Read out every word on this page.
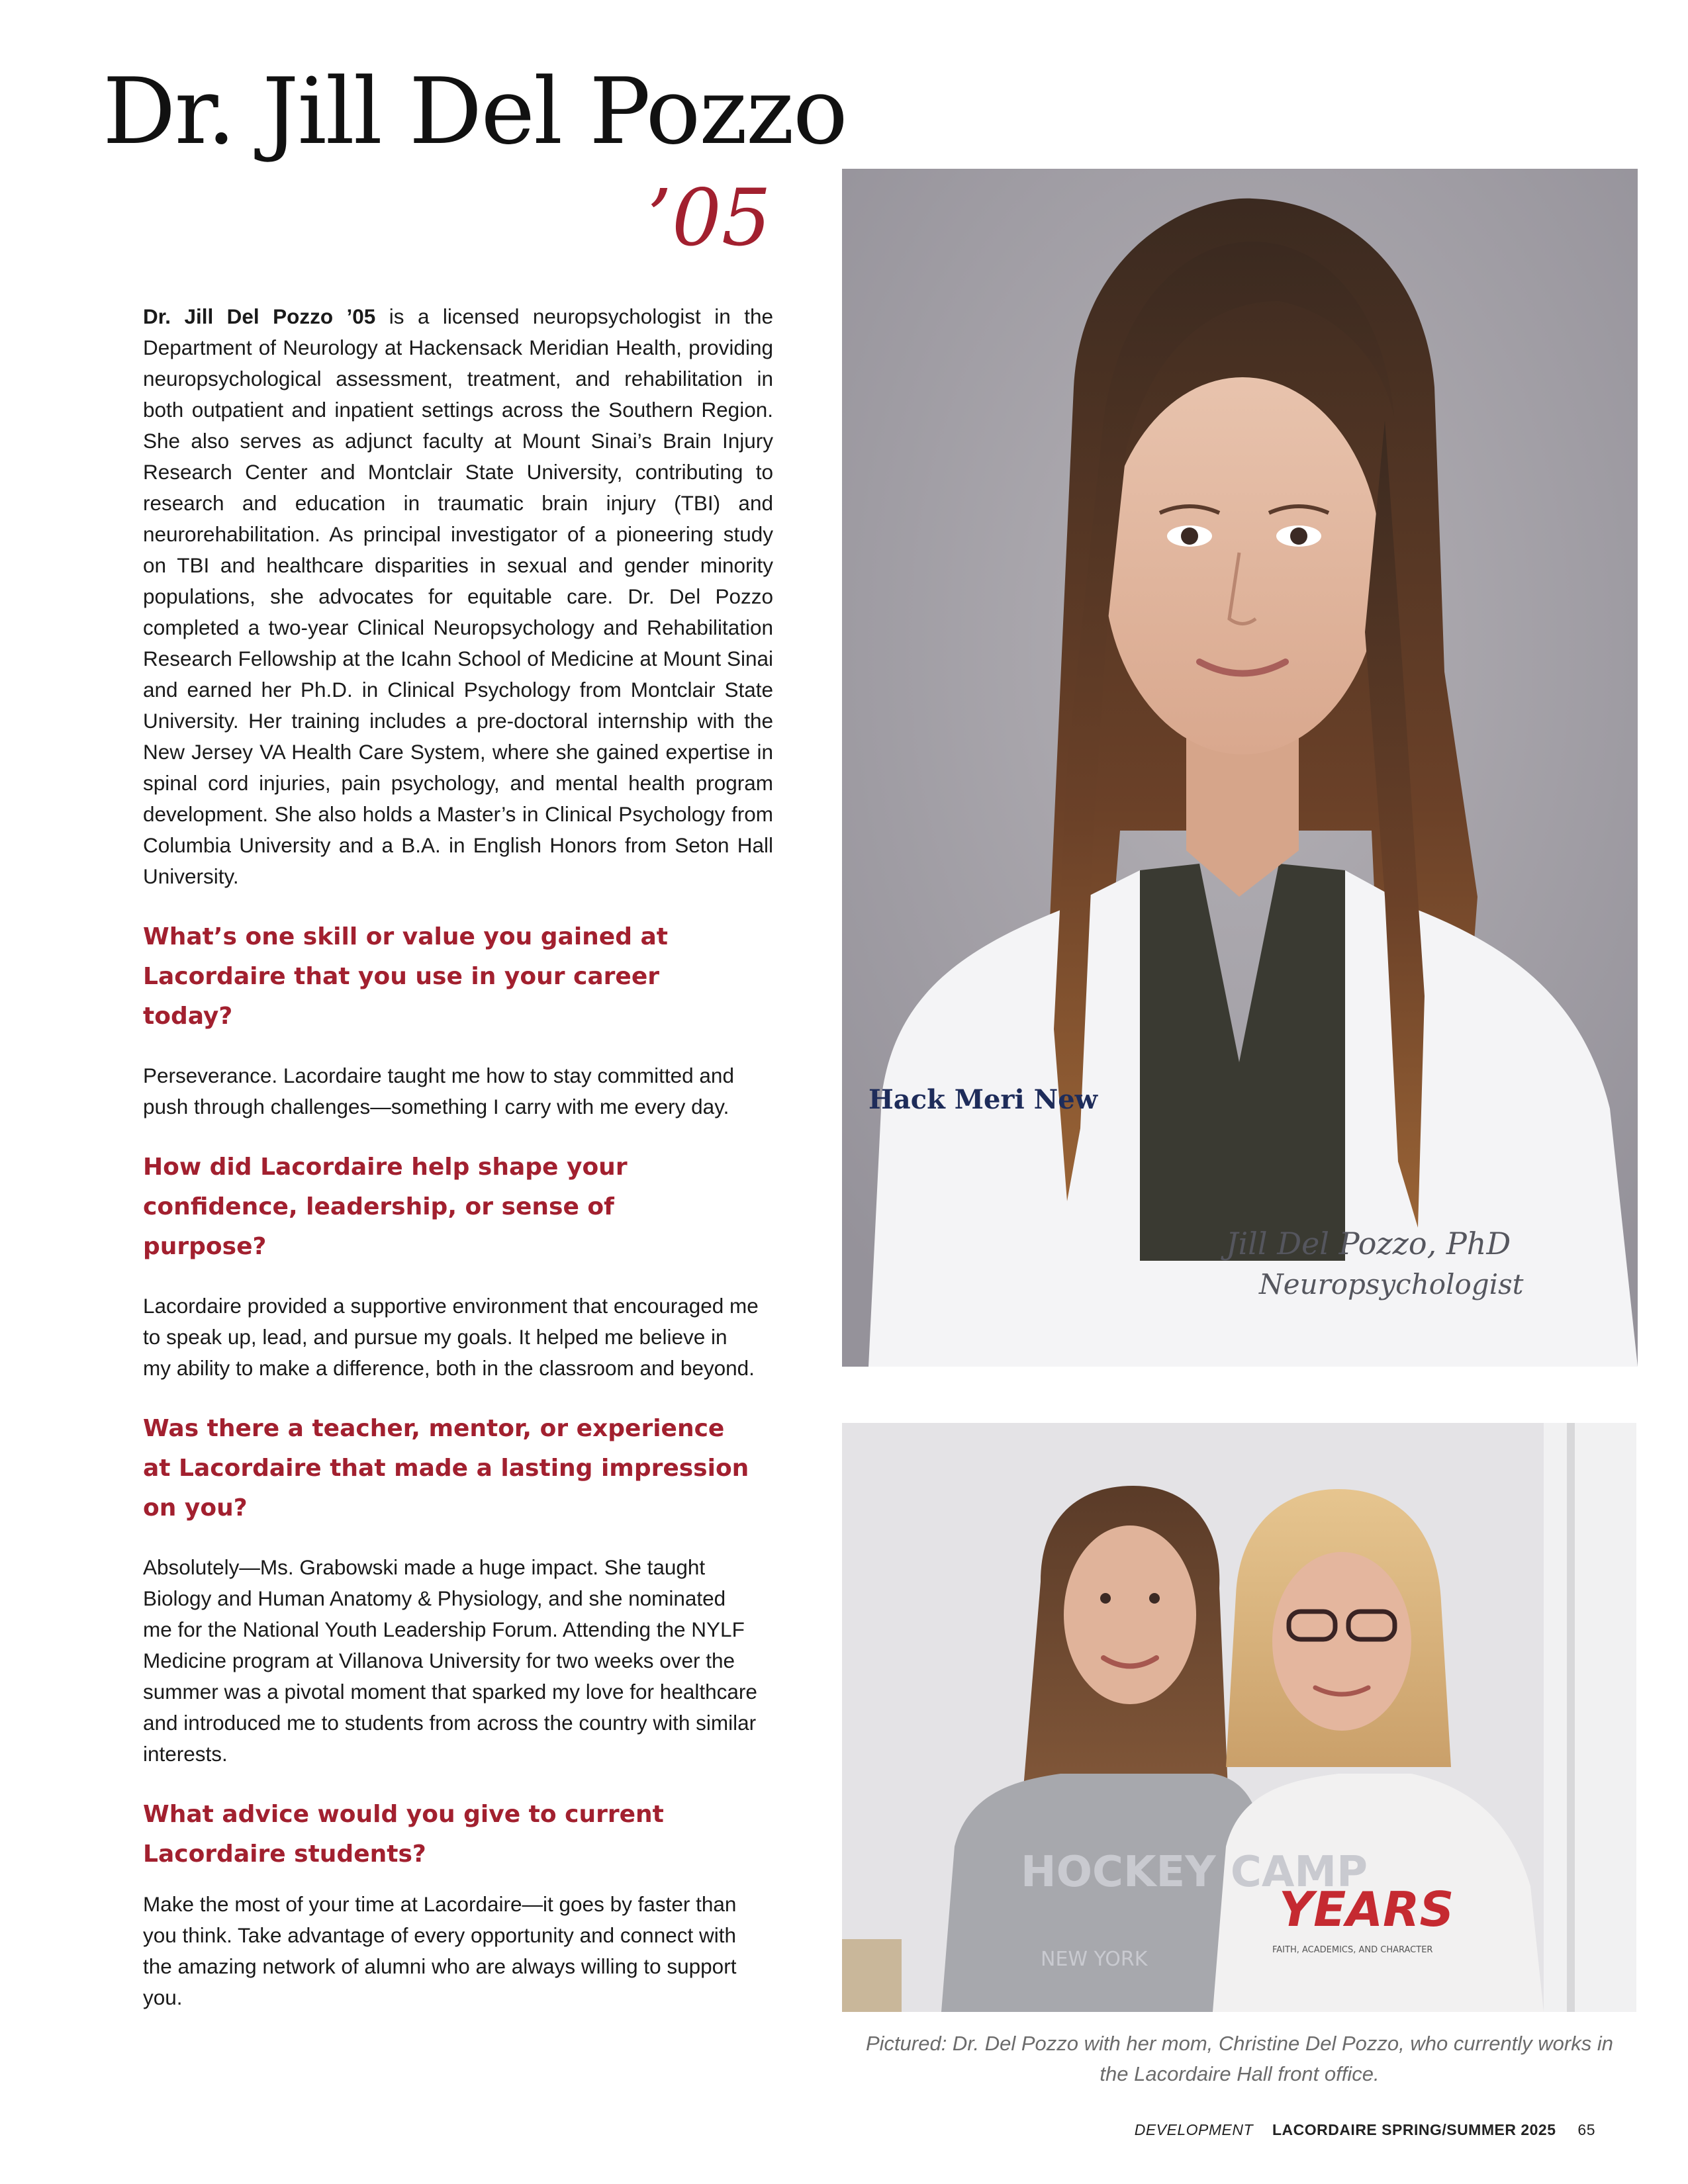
Dr. Jill Del Pozzo
’05

Dr. Jill Del Pozzo ’05 is a licensed neuropsychologist in the Department of Neurology at Hackensack Meridian Health, providing neuropsychological assessment, treatment, and rehabilitation in both outpatient and inpatient settings across the Southern Region. She also serves as adjunct faculty at Mount Sinai’s Brain Injury Research Center and Montclair State University, contributing to research and education in traumatic brain injury (TBI) and neurorehabilitation. As principal investigator of a pioneering study on TBI and healthcare disparities in sexual and gender minority populations, she advocates for equitable care. Dr. Del Pozzo completed a two-year Clinical Neuropsychology and Rehabilitation Research Fellowship at the Icahn School of Medicine at Mount Sinai and earned her Ph.D. in Clinical Psychology from Montclair State University. Her training includes a pre-doctoral internship with the New Jersey VA Health Care System, where she gained expertise in spinal cord injuries, pain psychology, and mental health program development. She also holds a Master’s in Clinical Psychology from Columbia University and a B.A. in English Honors from Seton Hall University.

What’s one skill or value you gained at Lacordaire that you use in your career today?

Perseverance. Lacordaire taught me how to stay committed and push through challenges—something I carry with me every day.

How did Lacordaire help shape your confidence, leadership, or sense of purpose?

Lacordaire provided a supportive environment that encouraged me to speak up, lead, and pursue my goals. It helped me believe in my ability to make a difference, both in the classroom and beyond.

Was there a teacher, mentor, or experience at Lacordaire that made a lasting impression on you?

Absolutely—Ms. Grabowski made a huge impact. She taught Biology and Human Anatomy & Physiology, and she nominated me for the National Youth Leadership Forum. Attending the NYLF Medicine program at Villanova University for two weeks over the summer was a pivotal moment that sparked my love for healthcare and introduced me to students from across the country with similar interests.

What advice would you give to current Lacordaire students?

Make the most of your time at Lacordaire—it goes by faster than you think. Take advantage of every opportunity and connect with the amazing network of alumni who are always willing to support you.

Hack Meri New
Jill Del Pozzo, PhD
Neuropsychologist
HOCKEY CAMP
NEW YORK
YEARS
FAITH, ACADEMICS, AND CHARACTER
Pictured: Dr. Del Pozzo with her mom, Christine Del Pozzo, who currently works in the Lacordaire Hall front office.
DEVELOPMENT LACORDAIRE SPRING/SUMMER 2025 65
